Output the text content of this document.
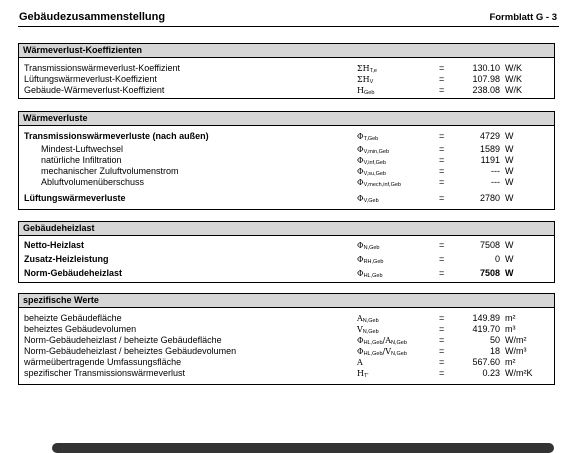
Gebäudezusammenstellung	Formblatt G - 3
Wärmeverlust-Koeffizienten
Transmissionswärmeverlust-Koeffizient	$\Sigma H_{T,e}$	=	130.10 W/K
Lüftungswärmeverlust-Koeffizient	$\Sigma H_V$	=	107.98 W/K
Gebäude-Wärmeverlust-Koeffizient	$H_{Geb}$	=	238.08 W/K
Wärmeverluste
Transmissionswärmeverluste (nach außen)	$\Phi_{T,Geb}$	=	4729 W
Mindest-Luftwechsel	$\Phi_{V,min,Geb}$	=	1589 W
natürliche Infiltration	$\Phi_{V,inf,Geb}$	=	1191 W
mechanischer Zuluftvolumenstrom	$\Phi_{V,su,Geb}$	=	--- W
Abluftvolumenüberschuss	$\Phi_{V,mech,inf,Geb}$	=	--- W
Lüftungswärmeverluste	$\Phi_{V,Geb}$	=	2780 W
Gebäudeheizlast
Netto-Heizlast	$\Phi_{N,Geb}$	=	7508 W
Zusatz-Heizleistung	$\Phi_{RH,Geb}$	=	0 W
Norm-Gebäudeheizlast	$\Phi_{HL,Geb}$	=	7508 W
spezifische Werte
beheizte Gebäudefläche	$A_{N,Geb}$	=	149.89 m²
beheiztes Gebäudevolumen	$V_{N,Geb}$	=	419.70 m³
Norm-Gebäudeheizlast / beheizte Gebäudefläche	$\Phi_{HL,Geb}/A_{N,Geb}$	=	50 W/m²
Norm-Gebäudeheizlast / beheiztes Gebäudevolumen	$\Phi_{HL,Geb}/V_{N,Geb}$	=	18 W/m³
wärmeübertragende Umfassungsfläche	A	=	567.60 m²
spezifischer Transmissionswärmeverlust	$H_{T'}$	=	0.23 W/m²K
